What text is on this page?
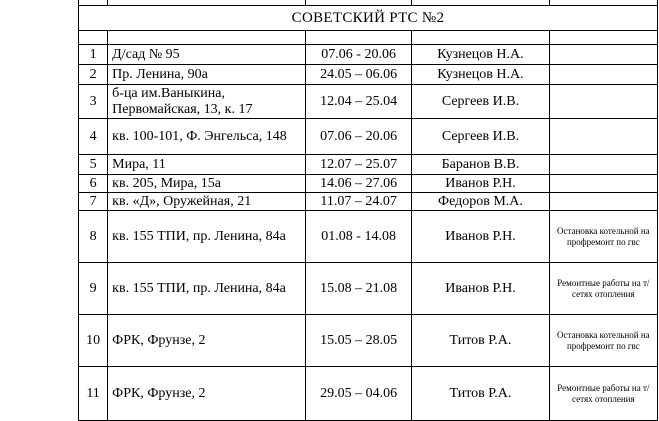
СОВЕТСКИЙ РТС №2				

1	Д/сад № 95	07.06 - 20.06	Кузнецов Н.А.	
2	Пр. Ленина, 90а	24.05 – 06.06	Кузнецов Н.А.	
3	б-ца им.Ваныкина, Первомайская, 13, к. 17	12.04 – 25.04	Сергеев И.В.	
4	кв. 100-101, Ф. Энгельса, 148	07.06 – 20.06	Сергеев И.В.	
5	Мира, 11	12.07 – 25.07	Баранов В.В.	
6	кв. 205, Мира, 15а	14.06 – 27.06	Иванов Р.Н.	
7	кв. «Д», Оружейная, 21	11.07 – 24.07	Федоров М.А.	
8	кв. 155 ТПИ, пр. Ленина, 84а	01.08 - 14.08	Иванов Р.Н.	Остановка котельной на профремонт по гвс
9	кв. 155 ТПИ, пр. Ленина, 84а	15.08 – 21.08	Иванов Р.Н.	Ремонтные работы на т/сетях отопления
10	ФРК, Фрунзе, 2	15.05 – 28.05	Титов Р.А.	Остановка котельной на профремонт по гвс
11	ФРК, Фрунзе, 2	29.05 – 04.06	Титов Р.А.	Ремонтные работы на т/сетях отопления
